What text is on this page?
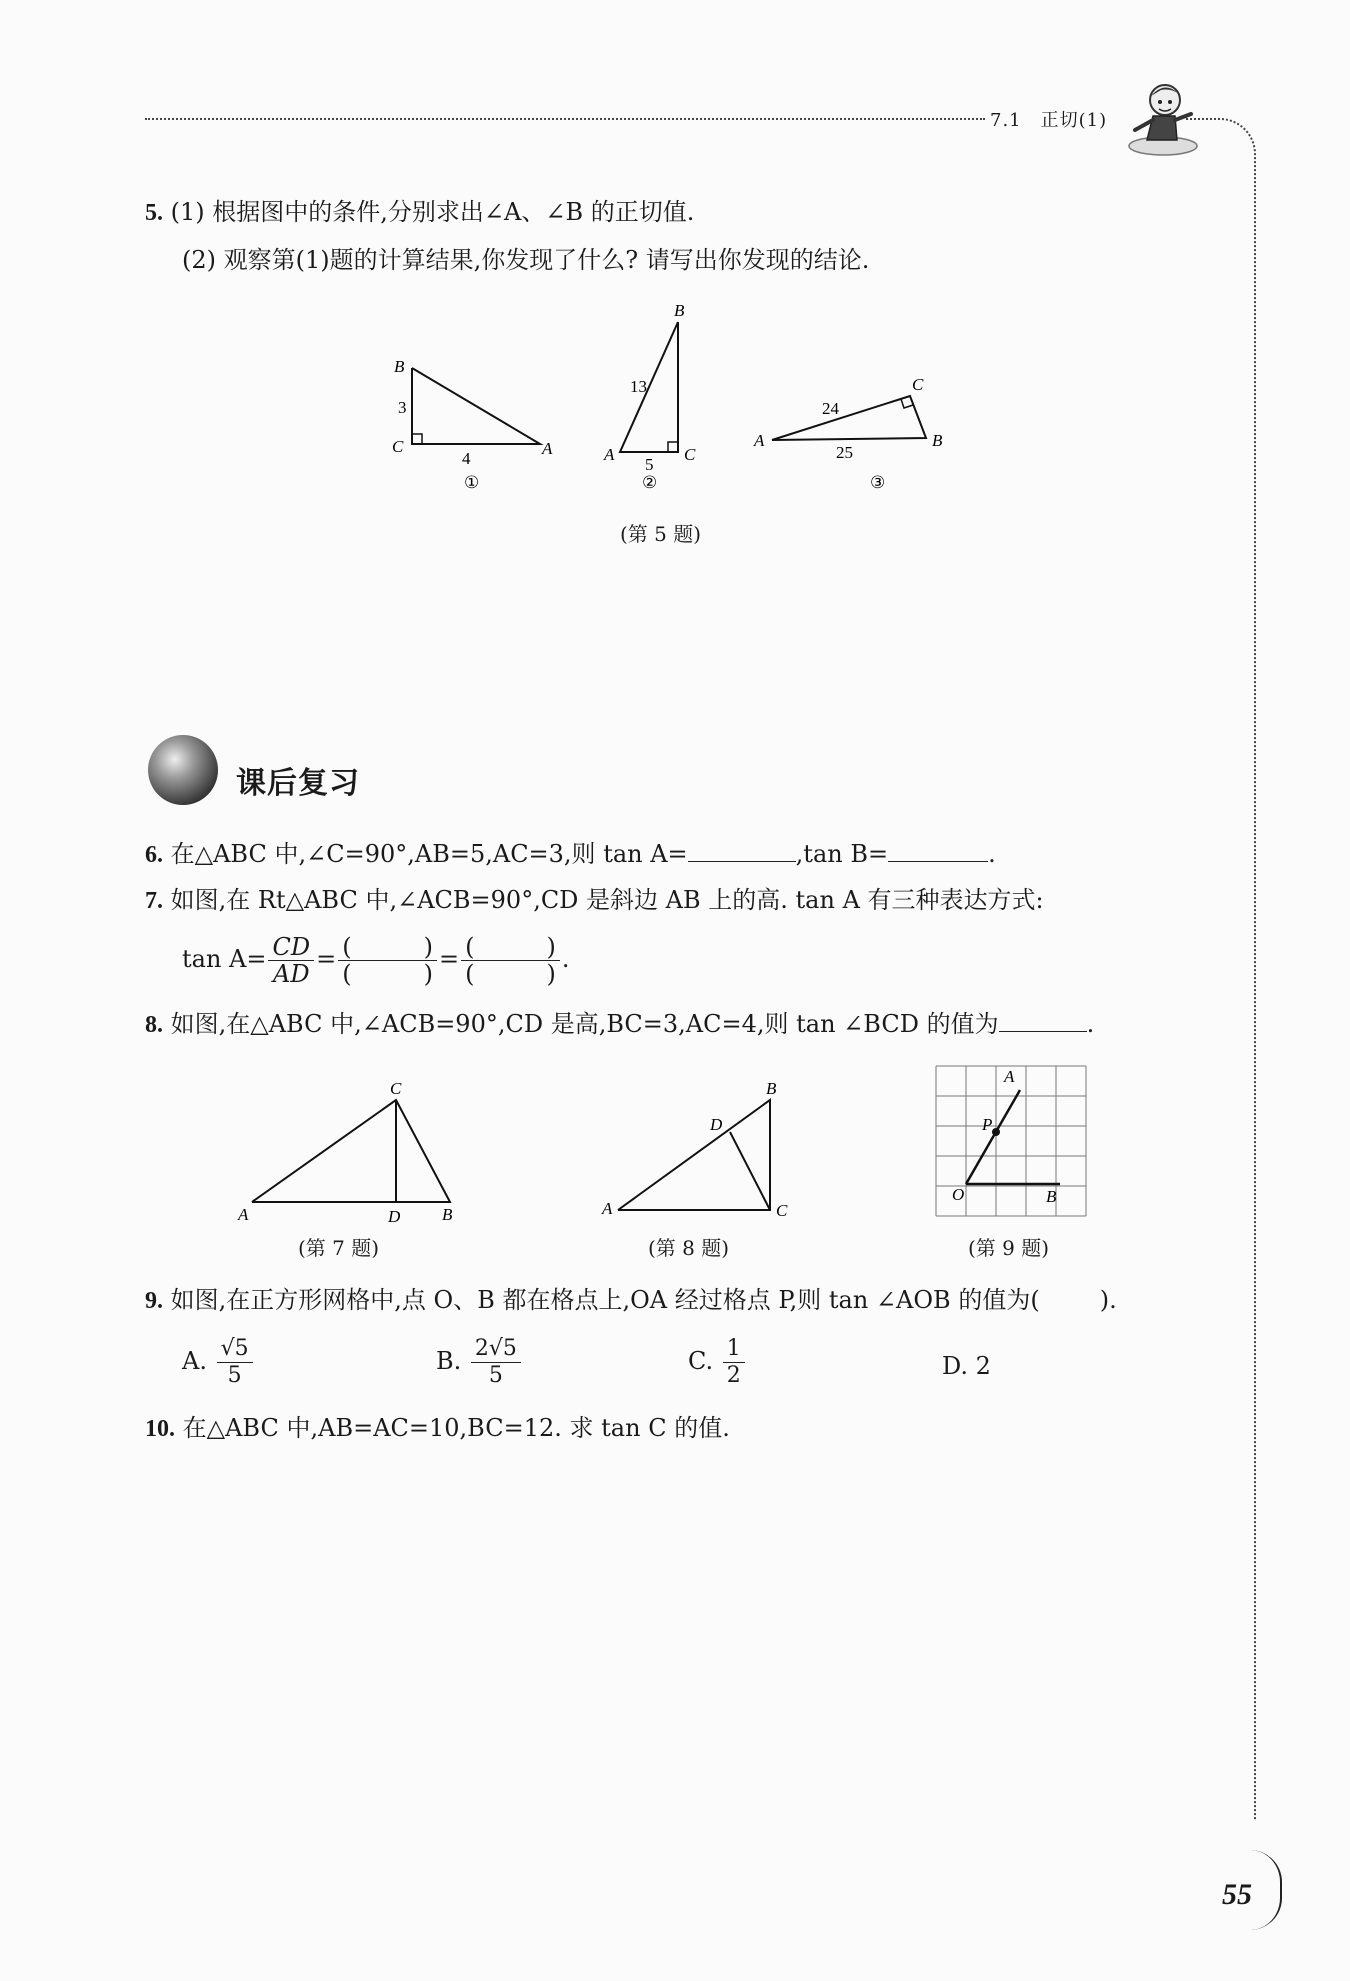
7.1　正切(1)
5. (1) 根据图中的条件,分别求出∠A、∠B 的正切值.
(2) 观察第(1)题的计算结果,你发现了什么? 请写出你发现的结论.
B
C	A
3
4
①
B
A	C
13
5
②
A	B
C
24
25
③
(第 5 题)
课后复习
6. 在△ABC 中,∠C=90°,AB=5,AC=3,则 tan A=	,tan B=	.
7. 如图,在 Rt△ABC 中,∠ACB=90°,CD 是斜边 AB 上的高. tan A 有三种表达方式:
$\tan A= \frac{CD}{AD}$ = (	)
(	) = (	)
(	) .
8. 如图,在△ABC 中,∠ACB=90°,CD 是高,BC=3,AC=4,则 tan ∠BCD 的值为	.
A
C
D B	A
B
C
D
A
P
O	B
(第 7 题)	(第 8 题)	(第 9 题)
9. 如图,在正方形网格中,点 O、B 都在格点上,OA 经过格点 P,则 tan ∠AOB 的值为(	).
A. $\frac{√5}{5}$	B. $\frac{2√5}{5}$	C. $\frac{1}{2}$	D. 2
10. 在△ABC 中,AB=AC=10,BC=12. 求 tan C 的值.
55
